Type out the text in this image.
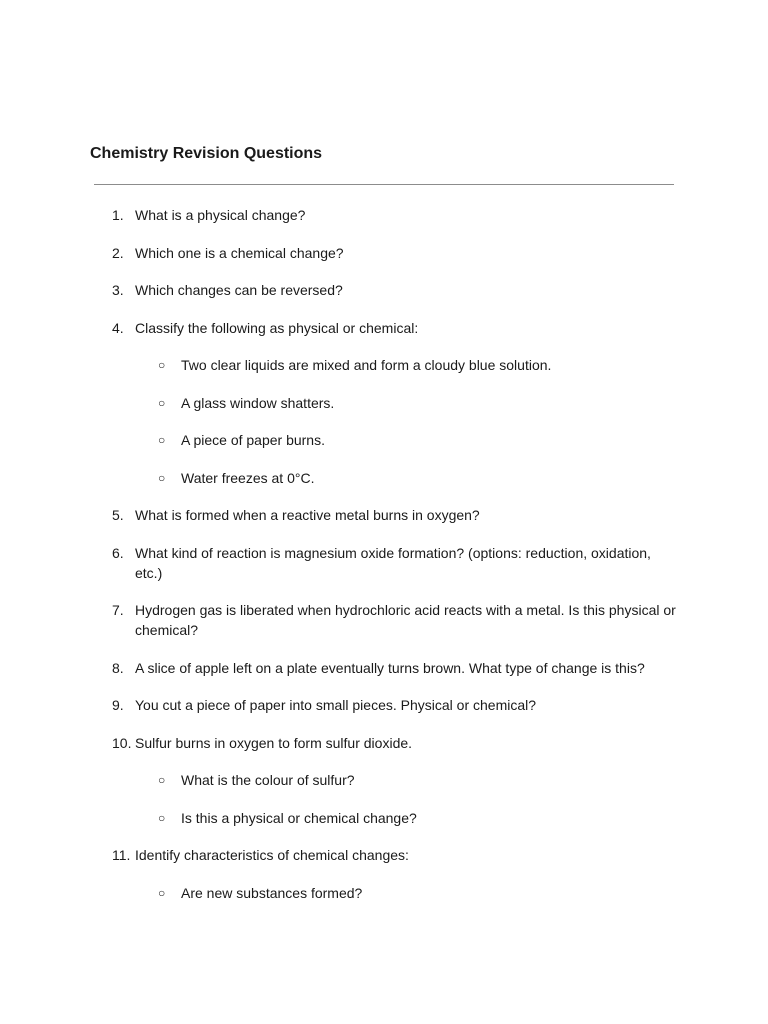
Chemistry Revision Questions
1. What is a physical change?
2. Which one is a chemical change?
3. Which changes can be reversed?
4. Classify the following as physical or chemical:
○ Two clear liquids are mixed and form a cloudy blue solution.
○ A glass window shatters.
○ A piece of paper burns.
○ Water freezes at 0°C.
5. What is formed when a reactive metal burns in oxygen?
6. What kind of reaction is magnesium oxide formation? (options: reduction, oxidation, etc.)
7. Hydrogen gas is liberated when hydrochloric acid reacts with a metal. Is this physical or chemical?
8. A slice of apple left on a plate eventually turns brown. What type of change is this?
9. You cut a piece of paper into small pieces. Physical or chemical?
10. Sulfur burns in oxygen to form sulfur dioxide.
○ What is the colour of sulfur?
○ Is this a physical or chemical change?
11. Identify characteristics of chemical changes:
○ Are new substances formed?
